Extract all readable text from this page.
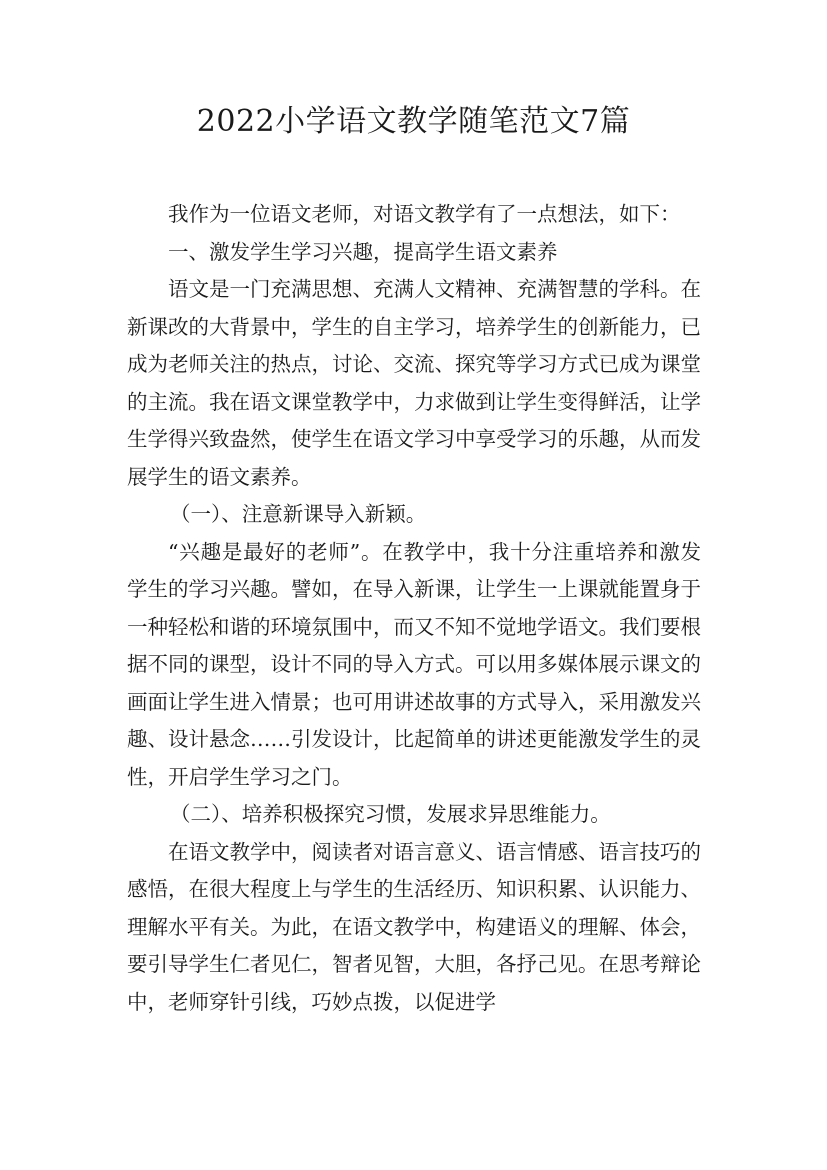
2022小学语文教学随笔范文7篇

我作为一位语文老师，对语文教学有了一点想法，如下：

一、激发学生学习兴趣，提高学生语文素养

语文是一门充满思想、充满人文精神、充满智慧的学科。在新课改的大背景中，学生的自主学习，培养学生的创新能力，已成为老师关注的热点，讨论、交流、探究等学习方式已成为课堂的主流。我在语文课堂教学中，力求做到让学生变得鲜活，让学生学得兴致盎然，使学生在语文学习中享受学习的乐趣，从而发展学生的语文素养。

（一）、注意新课导入新颖。

“兴趣是最好的老师”。在教学中，我十分注重培养和激发学生的学习兴趣。譬如，在导入新课，让学生一上课就能置身于一种轻松和谐的环境氛围中，而又不知不觉地学语文。我们要根据不同的课型，设计不同的导入方式。可以用多媒体展示课文的画面让学生进入情景；也可用讲述故事的方式导入，采用激发兴趣、设计悬念……引发设计，比起简单的讲述更能激发学生的灵性，开启学生学习之门。

（二）、培养积极探究习惯，发展求异思维能力。

在语文教学中，阅读者对语言意义、语言情感、语言技巧的感悟，在很大程度上与学生的生活经历、知识积累、认识能力、理解水平有关。为此，在语文教学中，构建语义的理解、体会，要引导学生仁者见仁，智者见智，大胆，各抒己见。在思考辩论中，老师穿针引线，巧妙点拨，以促进学
